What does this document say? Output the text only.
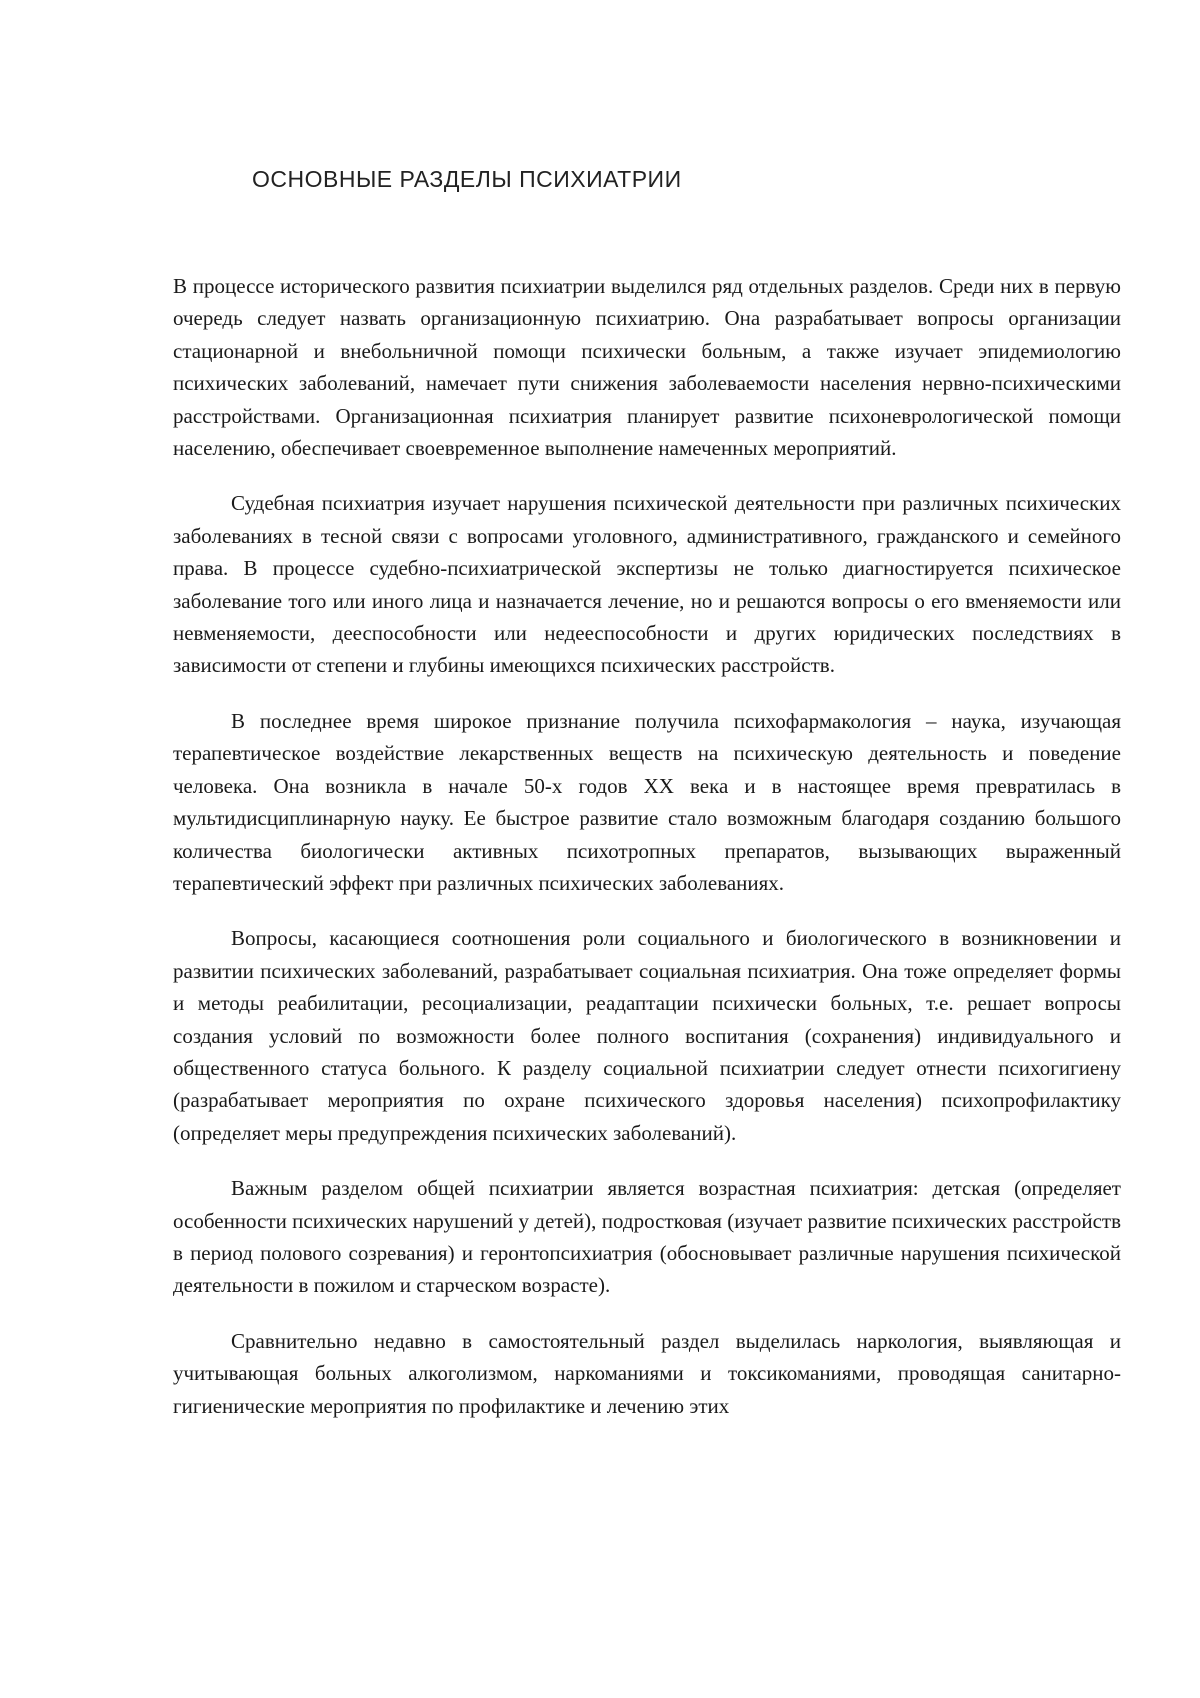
ОСНОВНЫЕ РАЗДЕЛЫ ПСИХИАТРИИ

В процессе исторического развития психиатрии выделился ряд отдельных разделов. Среди них в первую очередь следует назвать организационную психиатрию. Она разрабатывает вопросы организации стационарной и внебольничной помощи психически больным, а также изучает эпидемиологию психических заболеваний, намечает пути снижения заболеваемости населения нервно-психическими расстройствами. Организационная психиатрия планирует развитие психоневрологической помощи населению, обеспечивает своевременное выполнение намеченных мероприятий.

Судебная психиатрия изучает нарушения психической деятельности при различных психических заболеваниях в тесной связи с вопросами уголовного, административного, гражданского и семейного права. В процессе судебно-психиатрической экспертизы не только диагностируется психическое заболевание того или иного лица и назначается лечение, но и решаются вопросы о его вменяемости или невменяемости, дееспособности или недееспособности и других юридических последствиях в зависимости от степени и глубины имеющихся психических расстройств.

В последнее время широкое признание получила психофармакология – наука, изучающая терапевтическое воздействие лекарственных веществ на психическую деятельность и поведение человека. Она возникла в начале 50-х годов XX века и в настоящее время превратилась в мультидисциплинарную науку. Ее быстрое развитие стало возможным благодаря созданию большого количества биологически активных психотропных препаратов, вызывающих выраженный терапевтический эффект при различных психических заболеваниях.

Вопросы, касающиеся соотношения роли социального и биологического в возникновении и развитии психических заболеваний, разрабатывает социальная психиатрия. Она тоже определяет формы и методы реабилитации, ресоциализации, реадаптации психически больных, т.е. решает вопросы создания условий по возможности более полного воспитания (сохранения) индивидуального и общественного статуса больного. К разделу социальной психиатрии следует отнести психогигиену (разрабатывает мероприятия по охране психического здоровья населения) психопрофилактику (определяет меры предупреждения психических заболеваний).

Важным разделом общей психиатрии является возрастная психиатрия: детская (определяет особенности психических нарушений у детей), подростковая (изучает развитие психических расстройств в период полового созревания) и геронтопсихиатрия (обосновывает различные нарушения психической деятельности в пожилом и старческом возрасте).

Сравнительно недавно в самостоятельный раздел выделилась наркология, выявляющая и учитывающая больных алкоголизмом, наркоманиями и токсикоманиями, проводящая санитарно-гигиенические мероприятия по профилактике и лечению этих
